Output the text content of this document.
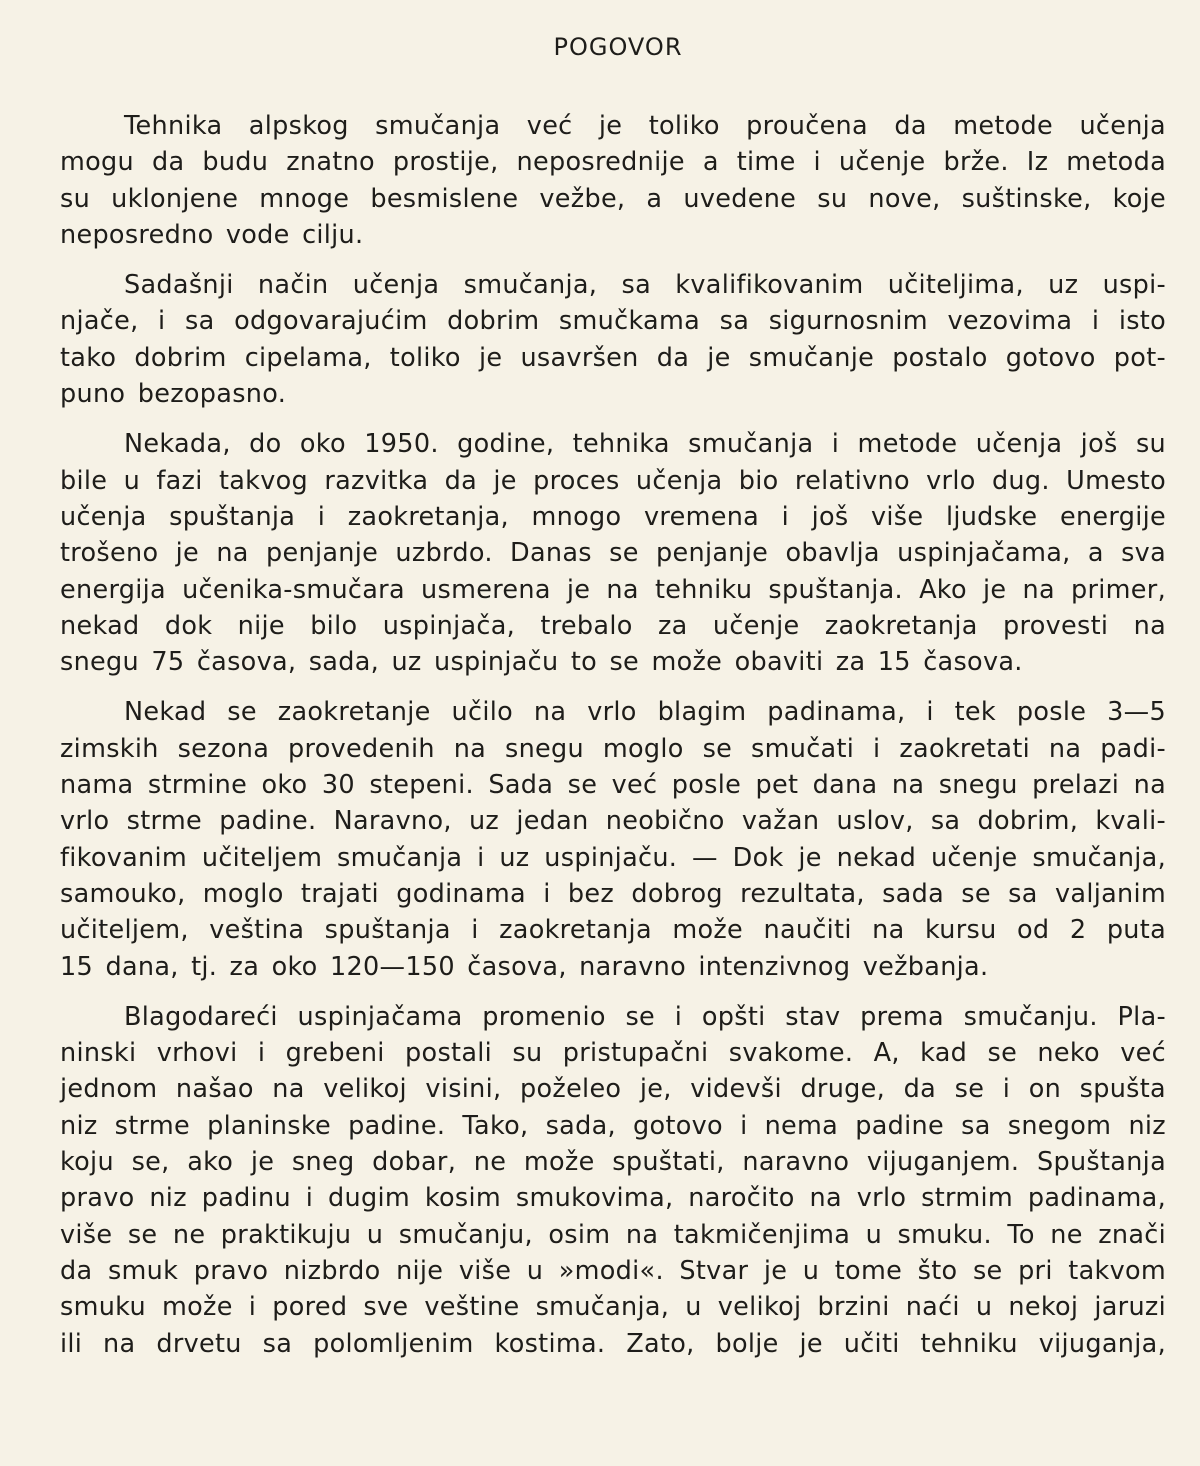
POGOVOR

Tehnika alpskog smučanja već je toliko proučena da metode učenja
mogu da budu znatno prostije, neposrednije a time i učenje brže. Iz metoda
su uklonjene mnoge besmislene vežbe, a uvedene su nove, suštinske, koje
neposredno vode cilju.

Sadašnji način učenja smučanja, sa kvalifikovanim učiteljima, uz uspi-
njače, i sa odgovarajućim dobrim smučkama sa sigurnosnim vezovima i isto
tako dobrim cipelama, toliko je usavršen da je smučanje postalo gotovo pot-
puno bezopasno.

Nekada, do oko 1950. godine, tehnika smučanja i metode učenja još su
bile u fazi takvog razvitka da je proces učenja bio relativno vrlo dug. Umesto
učenja spuštanja i zaokretanja, mnogo vremena i još više ljudske energije
trošeno je na penjanje uzbrdo. Danas se penjanje obavlja uspinjačama, a sva
energija učenika-smučara usmerena je na tehniku spuštanja. Ako je na primer,
nekad dok nije bilo uspinjača, trebalo za učenje zaokretanja provesti na
snegu 75 časova, sada, uz uspinjaču to se može obaviti za 15 časova.

Nekad se zaokretanje učilo na vrlo blagim padinama, i tek posle 3—5
zimskih sezona provedenih na snegu moglo se smučati i zaokretati na padi-
nama strmine oko 30 stepeni. Sada se već posle pet dana na snegu prelazi na
vrlo strme padine. Naravno, uz jedan neobično važan uslov, sa dobrim, kvali-
fikovanim učiteljem smučanja i uz uspinjaču. — Dok je nekad učenje smučanja,
samouko, moglo trajati godinama i bez dobrog rezultata, sada se sa valjanim
učiteljem, veština spuštanja i zaokretanja može naučiti na kursu od 2 puta
15 dana, tj. za oko 120—150 časova, naravno intenzivnog vežbanja.

Blagodareći uspinjačama promenio se i opšti stav prema smučanju. Pla-
ninski vrhovi i grebeni postali su pristupačni svakome. A, kad se neko već
jednom našao na velikoj visini, poželeo je, videvši druge, da se i on spušta
niz strme planinske padine. Tako, sada, gotovo i nema padine sa snegom niz
koju se, ako je sneg dobar, ne može spuštati, naravno vijuganjem. Spuštanja
pravo niz padinu i dugim kosim smukovima, naročito na vrlo strmim padinama,
više se ne praktikuju u smučanju, osim na takmičenjima u smuku. To ne znači
da smuk pravo nizbrdo nije više u »modi«. Stvar je u tome što se pri takvom
smuku može i pored sve veštine smučanja, u velikoj brzini naći u nekoj jaruzi
ili na drvetu sa polomljenim kostima. Zato, bolje je učiti tehniku vijuganja,
